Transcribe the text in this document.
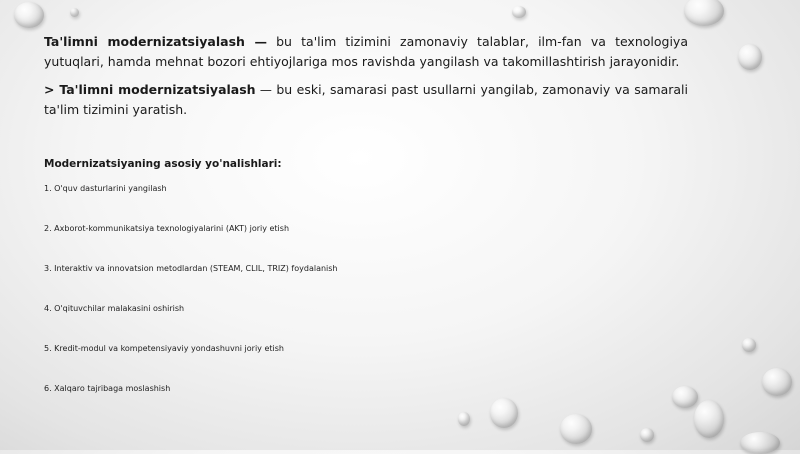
Ta'limni modernizatsiyalash — bu ta'lim tizimini zamonaviy talablar, ilm-fan va texnologiya yutuqlari, hamda mehnat bozori ehtiyojlariga mos ravishda yangilash va takomillashtirish jarayonidir.

> Ta'limni modernizatsiyalash — bu eski, samarasi past usullarni yangilab, zamonaviy va samarali ta'lim tizimini yaratish.

Modernizatsiyaning asosiy yo'nalishlari:

1. O'quv dasturlarini yangilash
2. Axborot-kommunikatsiya texnologiyalarini (AKT) joriy etish
3. Interaktiv va innovatsion metodlardan (STEAM, CLIL, TRIZ) foydalanish
4. O'qituvchilar malakasini oshirish
5. Kredit-modul va kompetensiyaviy yondashuvni joriy etish
6. Xalqaro tajribaga moslashish
